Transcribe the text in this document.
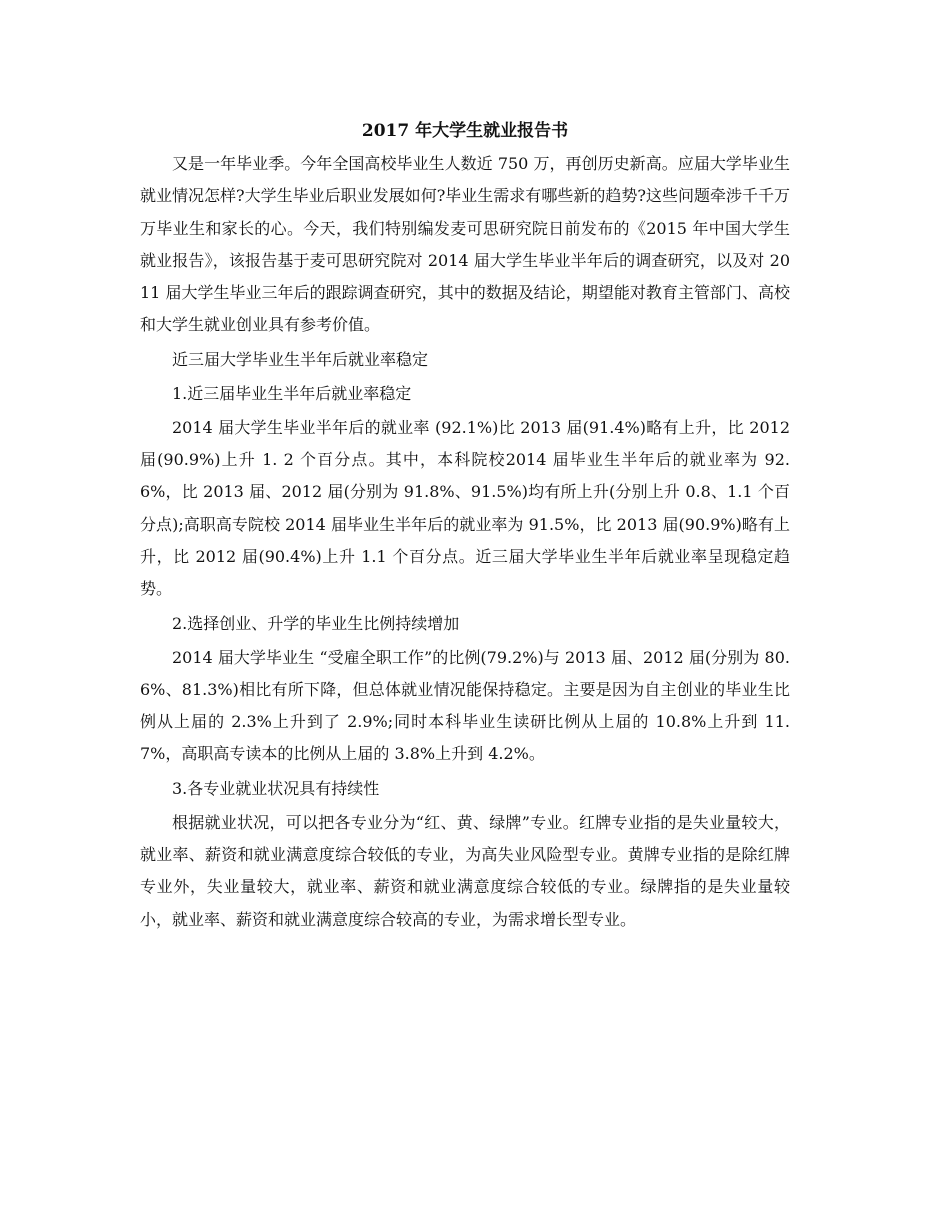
2017 年大学生就业报告书

又是一年毕业季。今年全国高校毕业生人数近 750 万，再创历史新高。应届大学毕业生就业情况怎样?大学生毕业后职业发展如何?毕业生需求有哪些新的趋势?这些问题牵涉千千万万毕业生和家长的心。今天，我们特别编发麦可思研究院日前发布的《2015 年中国大学生就业报告》，该报告基于麦可思研究院对 2014 届大学生毕业半年后的调查研究，以及对 2011 届大学生毕业三年后的跟踪调查研究，其中的数据及结论，期望能对教育主管部门、高校和大学生就业创业具有参考价值。

近三届大学毕业生半年后就业率稳定

1.近三届毕业生半年后就业率稳定

2014 届大学生毕业半年后的就业率 (92.1%)比 2013 届(91.4%)略有上升，比 2012 届(90.9%)上升 1. 2 个百分点。其中，本科院校2014 届毕业生半年后的就业率为 92.6%，比 2013 届、2012 届(分别为 91.8%、91.5%)均有所上升(分别上升 0.8、1.1 个百分点);高职高专院校 2014 届毕业生半年后的就业率为 91.5%，比 2013 届(90.9%)略有上升，比 2012 届(90.4%)上升 1.1 个百分点。近三届大学毕业生半年后就业率呈现稳定趋势。

2.选择创业、升学的毕业生比例持续增加

2014 届大学毕业生 “受雇全职工作”的比例(79.2%)与 2013 届、2012 届(分别为 80.6%、81.3%)相比有所下降，但总体就业情况能保持稳定。主要是因为自主创业的毕业生比例从上届的 2.3%上升到了 2.9%;同时本科毕业生读研比例从上届的 10.8%上升到 11.7%，高职高专读本的比例从上届的 3.8%上升到 4.2%。

3.各专业就业状况具有持续性

根据就业状况，可以把各专业分为“红、黄、绿牌”专业。红牌专业指的是失业量较大，就业率、薪资和就业满意度综合较低的专业，为高失业风险型专业。黄牌专业指的是除红牌专业外，失业量较大，就业率、薪资和就业满意度综合较低的专业。绿牌指的是失业量较小，就业率、薪资和就业满意度综合较高的专业，为需求增长型专业。
